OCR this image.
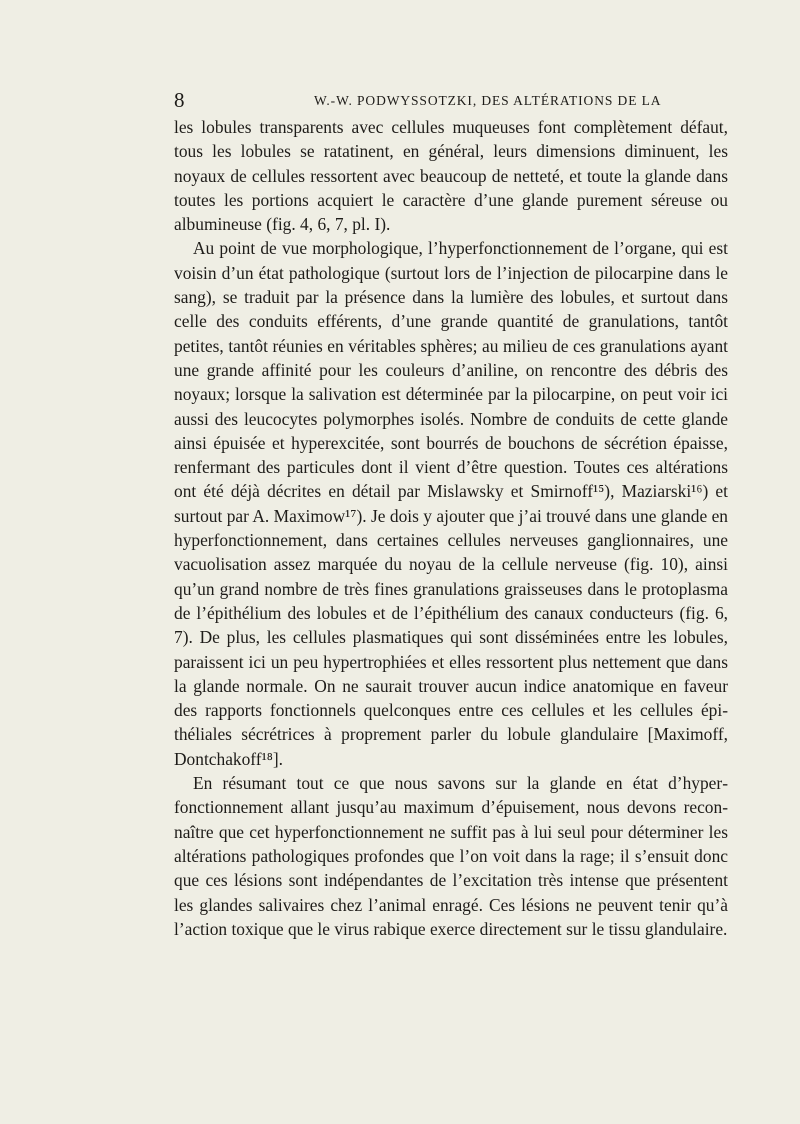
8	W.-W. PODWYSSOTZKI, DES ALTÉRATIONS DE LA

les lobules transparents avec cellules muqueuses font complètement défaut, tous les lobules se ratatinent, en général, leurs dimensions diminuent, les noyaux de cellules ressortent avec beaucoup de netteté, et toute la glande dans toutes les portions acquiert le caractère d’une glande purement séreuse ou albumineuse (fig. 4, 6, 7, pl. I).

Au point de vue morphologique, l’hyperfonctionnement de l’organe, qui est voisin d’un état pathologique (surtout lors de l’injection de pilocarpine dans le sang), se traduit par la présence dans la lumière des lobules, et surtout dans celle des conduits efférents, d’une grande quantité de granulations, tantôt petites, tantôt réunies en véritables sphères; au milieu de ces granulations ayant une grande affinité pour les couleurs d’aniline, on rencontre des débris des noyaux; lorsque la salivation est déterminée par la pilocarpine, on peut voir ici aussi des leucocytes polymorphes isolés. Nombre de conduits de cette glande ainsi épuisée et hyperexcitée, sont bourrés de bouchons de sécrétion épaisse, renfermant des particules dont il vient d’être question. Toutes ces altérations ont été déjà décrites en détail par Mislawsky et Smirnoff¹⁵), Maziarski¹⁶) et surtout par A. Maximow¹⁷). Je dois y ajouter que j’ai trouvé dans une glande en hyperfonctionnement, dans certaines cellules nerveuses ganglionnaires, une vacuolisation assez marquée du noyau de la cellule nerveuse (fig. 10), ainsi qu’un grand nombre de très fines granulations graisseuses dans le protoplasma de l’épithélium des lobules et de l’épithélium des canaux conducteurs (fig. 6, 7). De plus, les cellules plasmatiques qui sont disséminées entre les lobules, paraissent ici un peu hypertrophiées et elles ressortent plus nettement que dans la glande normale. On ne saurait trouver aucun indice anatomique en faveur des rapports fonctionnels quelconques entre ces cellules et les cellules épithéliales sécrétrices à proprement parler du lobule glandulaire [Maximoff, Dontchakoff¹⁸].

En résumant tout ce que nous savons sur la glande en état d’hyperfonctionnement allant jusqu’au maximum d’épuisement, nous devons reconnaître que cet hyperfonctionnement ne suffit pas à lui seul pour déterminer les altérations pathologiques profondes que l’on voit dans la rage; il s’ensuit donc que ces lésions sont indépendantes de l’excitation très intense que présentent les glandes salivaires chez l’animal enragé. Ces lésions ne peuvent tenir qu’à l’action toxique que le virus rabique exerce directement sur le tissu glandulaire.
